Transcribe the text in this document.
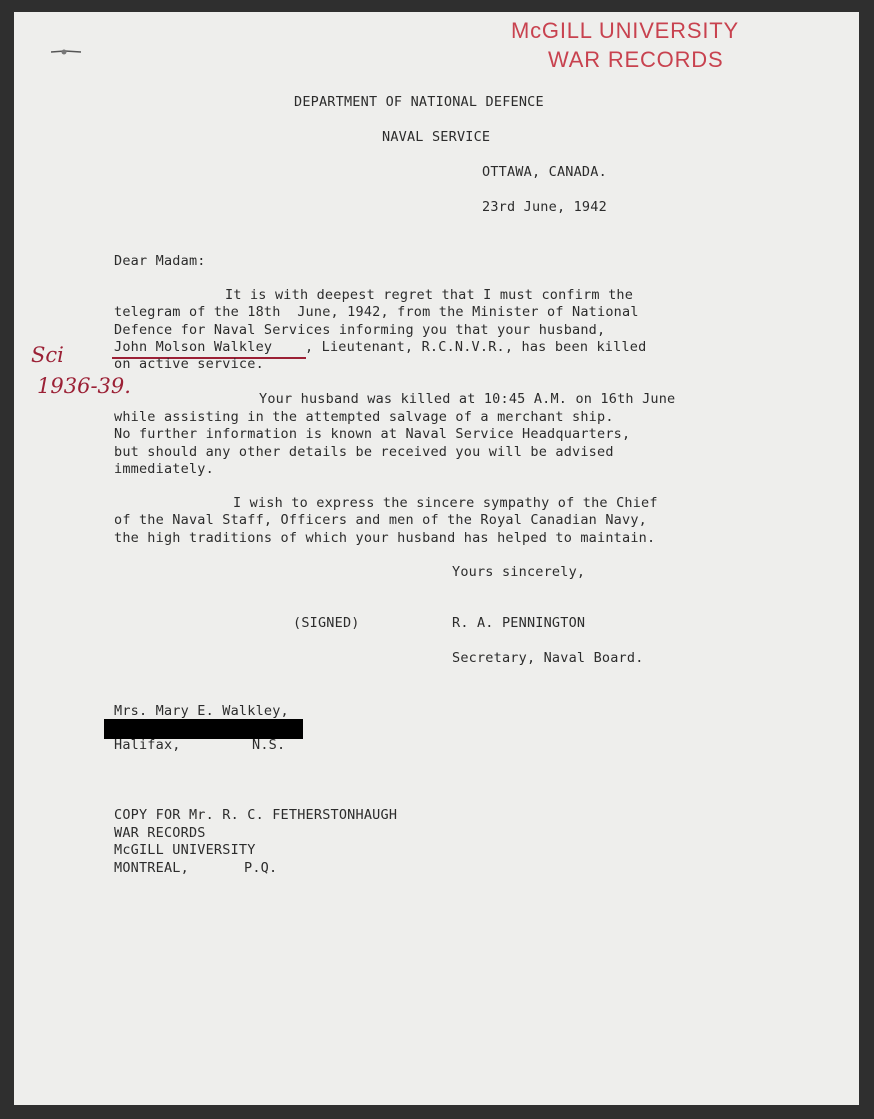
McGILL UNIVERSITY
WAR RECORDS
DEPARTMENT OF NATIONAL DEFENCE
NAVAL SERVICE
OTTAWA, CANADA.
23rd June, 1942
Dear Madam:
It is with deepest regret that I must confirm the
telegram of the 18th  June, 1942, from the Minister of National
Defence for Naval Services informing you that your husband,
John Molson Walkley , Lieutenant, R.C.N.V.R., has been killed
on active service.
Sci
1936-39.
Your husband was killed at 10:45 A.M. on 16th June
while assisting in the attempted salvage of a merchant ship.
No further information is known at Naval Service Headquarters,
but should any other details be received you will be advised
immediately.
I wish to express the sincere sympathy of the Chief
of the Naval Staff, Officers and men of the Royal Canadian Navy,
the high traditions of which your husband has helped to maintain.
Yours sincerely,
(SIGNED)	R. A. PENNINGTON
Secretary, Naval Board.
Mrs. Mary E. Walkley,
Halifax,	N.S.
COPY FOR Mr. R. C. FETHERSTONHAUGH
WAR RECORDS
McGILL UNIVERSITY
MONTREAL,	P.Q.
